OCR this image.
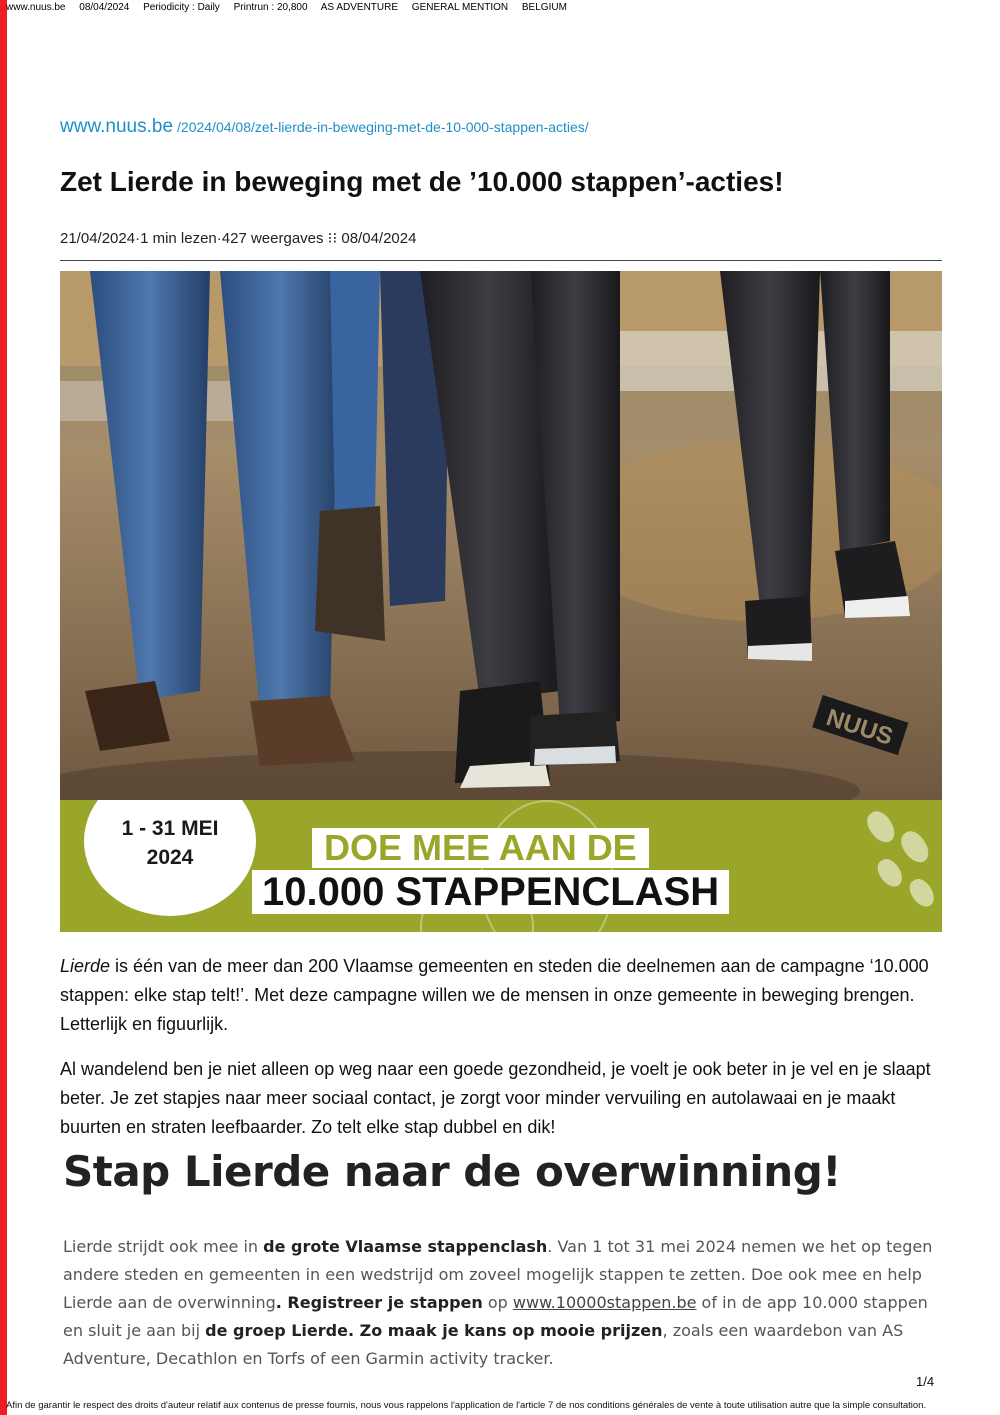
www.nuus.be 08/04/2024 Periodicity : Daily Printrun : 20,800 AS ADVENTURE GENERAL MENTION BELGIUM
www.nuus.be /2024/04/08/zet-lierde-in-beweging-met-de-10-000-stappen-acties/
Zet Lierde in beweging met de ’10.000 stappen’-acties!
21/04/2024·1 min lezen·427 weergaves ⁝⁝ 08/04/2024
NUUS
1 - 31 MEI
2024	DOE MEE AAN DE
10.000 STAPPENCLASH

Lierde is één van de meer dan 200 Vlaamse gemeenten en steden die deelnemen aan de campagne ‘10.000 stappen: elke stap telt!’. Met deze campagne willen we de mensen in onze gemeente in beweging brengen. Letterlijk en figuurlijk.

Al wandelend ben je niet alleen op weg naar een goede gezondheid, je voelt je ook beter in je vel en je slaapt beter. Je zet stapjes naar meer sociaal contact, je zorgt voor minder vervuiling en autolawaai en je maakt buurten en straten leefbaarder. Zo telt elke stap dubbel en dik!

Stap Lierde naar de overwinning!

Lierde strijdt ook mee in de grote Vlaamse stappenclash. Van 1 tot 31 mei 2024 nemen we het op tegen andere steden en gemeenten in een wedstrijd om zoveel mogelijk stappen te zetten. Doe ook mee en help Lierde aan de overwinning. Registreer je stappen op www.10000stappen.be of in de app 10.000 stappen en sluit je aan bij de groep Lierde. Zo maak je kans op mooie prijzen, zoals een waardebon van AS Adventure, Decathlon en Torfs of een Garmin activity tracker.

1/4
Afin de garantir le respect des droits d'auteur relatif aux contenus de presse fournis, nous vous rappelons l'application de l'article 7 de nos conditions générales de vente à toute utilisation autre que la simple consultation.
